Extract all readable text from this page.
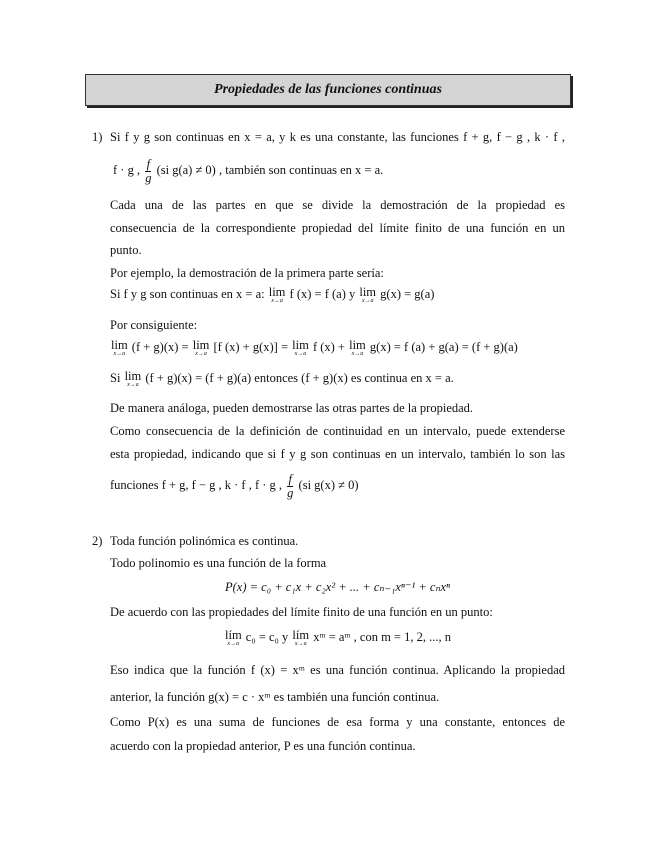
Propiedades de las funciones continuas
1) Si f y g son continuas en x = a, y k es una constante, las funciones f + g, f − g , k · f ,
f · g , $\frac{f}{g} (si$ g(a) ≠ 0) , también son continuas en x = a.
Cada una de las partes en que se divide la demostración de la propiedad es
consecuencia de la correspondiente propiedad del límite finito de una función en un
punto.
Por ejemplo, la demostración de la primera parte sería:
Si f y g son continuas en x = a: lim
x→a
f (x) = f (a) y lim
x→a
g(x) = g(a)
Por consiguiente:
lim
x→a
(f + g)(x) = lim
x→a
[f (x) + g(x)] = lim
x→a
f (x) + lim
x→a
g(x) = f (a) + g(a) = (f + g)(a)
Si lim
x→a
(f + g)(x) = (f + g)(a) entonces (f + g)(x) es continua en x = a.
De manera análoga, pueden demostrarse las otras partes de la propiedad.
Como consecuencia de la definición de continuidad en un intervalo, puede extenderse
esta propiedad, indicando que si f y g son continuas en un intervalo, también lo son las
funciones f + g, f − g , k · f , f · g , $\frac{f}{g} (si$ g(x) ≠ 0)
2) Toda función polinómica es continua.
Todo polinomio es una función de la forma
P(x) = c₀ + c₁x + c₂x² + ... + cₙ₋₁xⁿ⁻¹ + cₙxⁿ
De acuerdo con las propiedades del límite finito de una función en un punto:
lím
x→a
c₀ = c₀ y lím
x→a
xᵐ = aᵐ , con m = 1, 2, ..., n
Eso indica que la función f (x) = xᵐ es una función continua. Aplicando la propiedad
anterior, la función g(x) = c · xᵐ es también una función continua.
Como P(x) es una suma de funciones de esa forma y una constante, entonces de
acuerdo con la propiedad anterior, P es una función continua.
